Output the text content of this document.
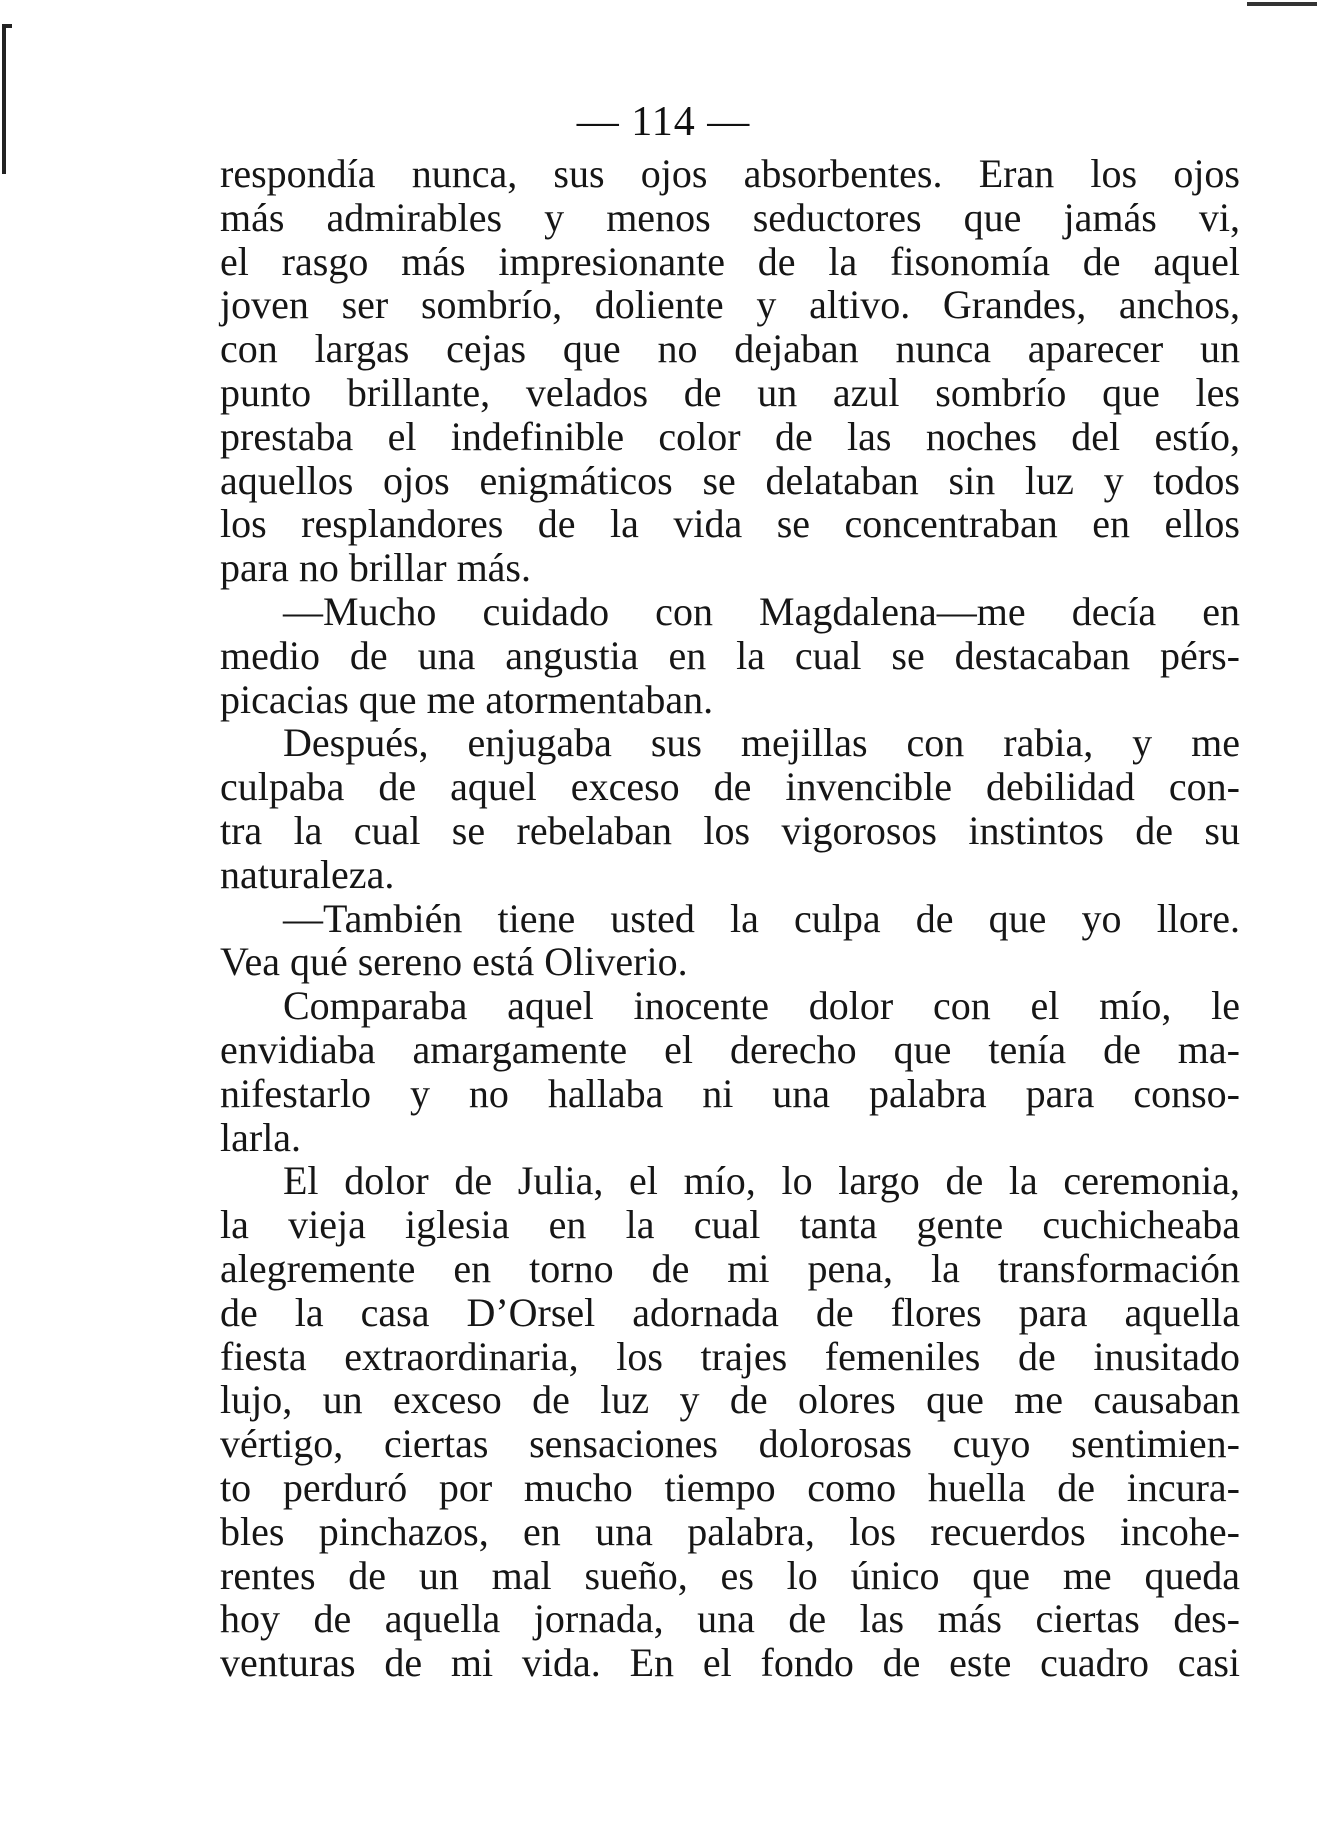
— 114 —
respondía nunca, sus ojos absorbentes. Eran los ojos
más admirables y menos seductores que jamás vi,
el rasgo más impresionante de la fisonomía de aquel
joven ser sombrío, doliente y altivo. Grandes, anchos,
con largas cejas que no dejaban nunca aparecer un
punto brillante, velados de un azul sombrío que les
prestaba el indefinible color de las noches del estío,
aquellos ojos enigmáticos se delataban sin luz y todos
los resplandores de la vida se concentraban en ellos
para no brillar más.
—Mucho cuidado con Magdalena—me decía en
medio de una angustia en la cual se destacaban pérs-
picacias que me atormentaban.
Después, enjugaba sus mejillas con rabia, y me
culpaba de aquel exceso de invencible debilidad con-
tra la cual se rebelaban los vigorosos instintos de su
naturaleza.
—También tiene usted la culpa de que yo llore.
Vea qué sereno está Oliverio.
Comparaba aquel inocente dolor con el mío, le
envidiaba amargamente el derecho que tenía de ma-
nifestarlo y no hallaba ni una palabra para conso-
larla.
El dolor de Julia, el mío, lo largo de la ceremonia,
la vieja iglesia en la cual tanta gente cuchicheaba
alegremente en torno de mi pena, la transformación
de la casa D’Orsel adornada de flores para aquella
fiesta extraordinaria, los trajes femeniles de inusitado
lujo, un exceso de luz y de olores que me causaban
vértigo, ciertas sensaciones dolorosas cuyo sentimien-
to perduró por mucho tiempo como huella de incura-
bles pinchazos, en una palabra, los recuerdos incohe-
rentes de un mal sueño, es lo único que me queda
hoy de aquella jornada, una de las más ciertas des-
venturas de mi vida. En el fondo de este cuadro casi
